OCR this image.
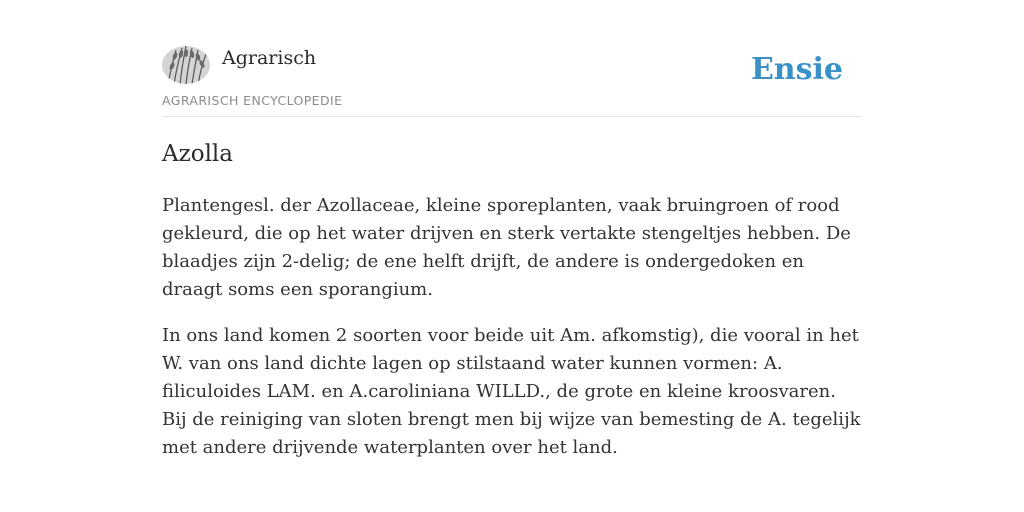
Agrarisch
AGRARISCH ENCYCLOPEDIE
Ensie
Azolla

Plantengesl. der Azollaceae, kleine sporeplanten, vaak bruingroen of rood gekleurd, die op het water drijven en sterk vertakte stengeltjes hebben. De blaadjes zijn 2-delig; de ene helft drijft, de andere is ondergedoken en draagt soms een sporangium.

In ons land komen 2 soorten voor beide uit Am. afkomstig), die vooral in het W. van ons land dichte lagen op stilstaand water kunnen vormen: A. filiculoides LAM. en A.caroliniana WILLD., de grote en kleine kroosvaren. Bij de reiniging van sloten brengt men bij wijze van bemesting de A. tegelijk met andere drijvende waterplanten over het land.
